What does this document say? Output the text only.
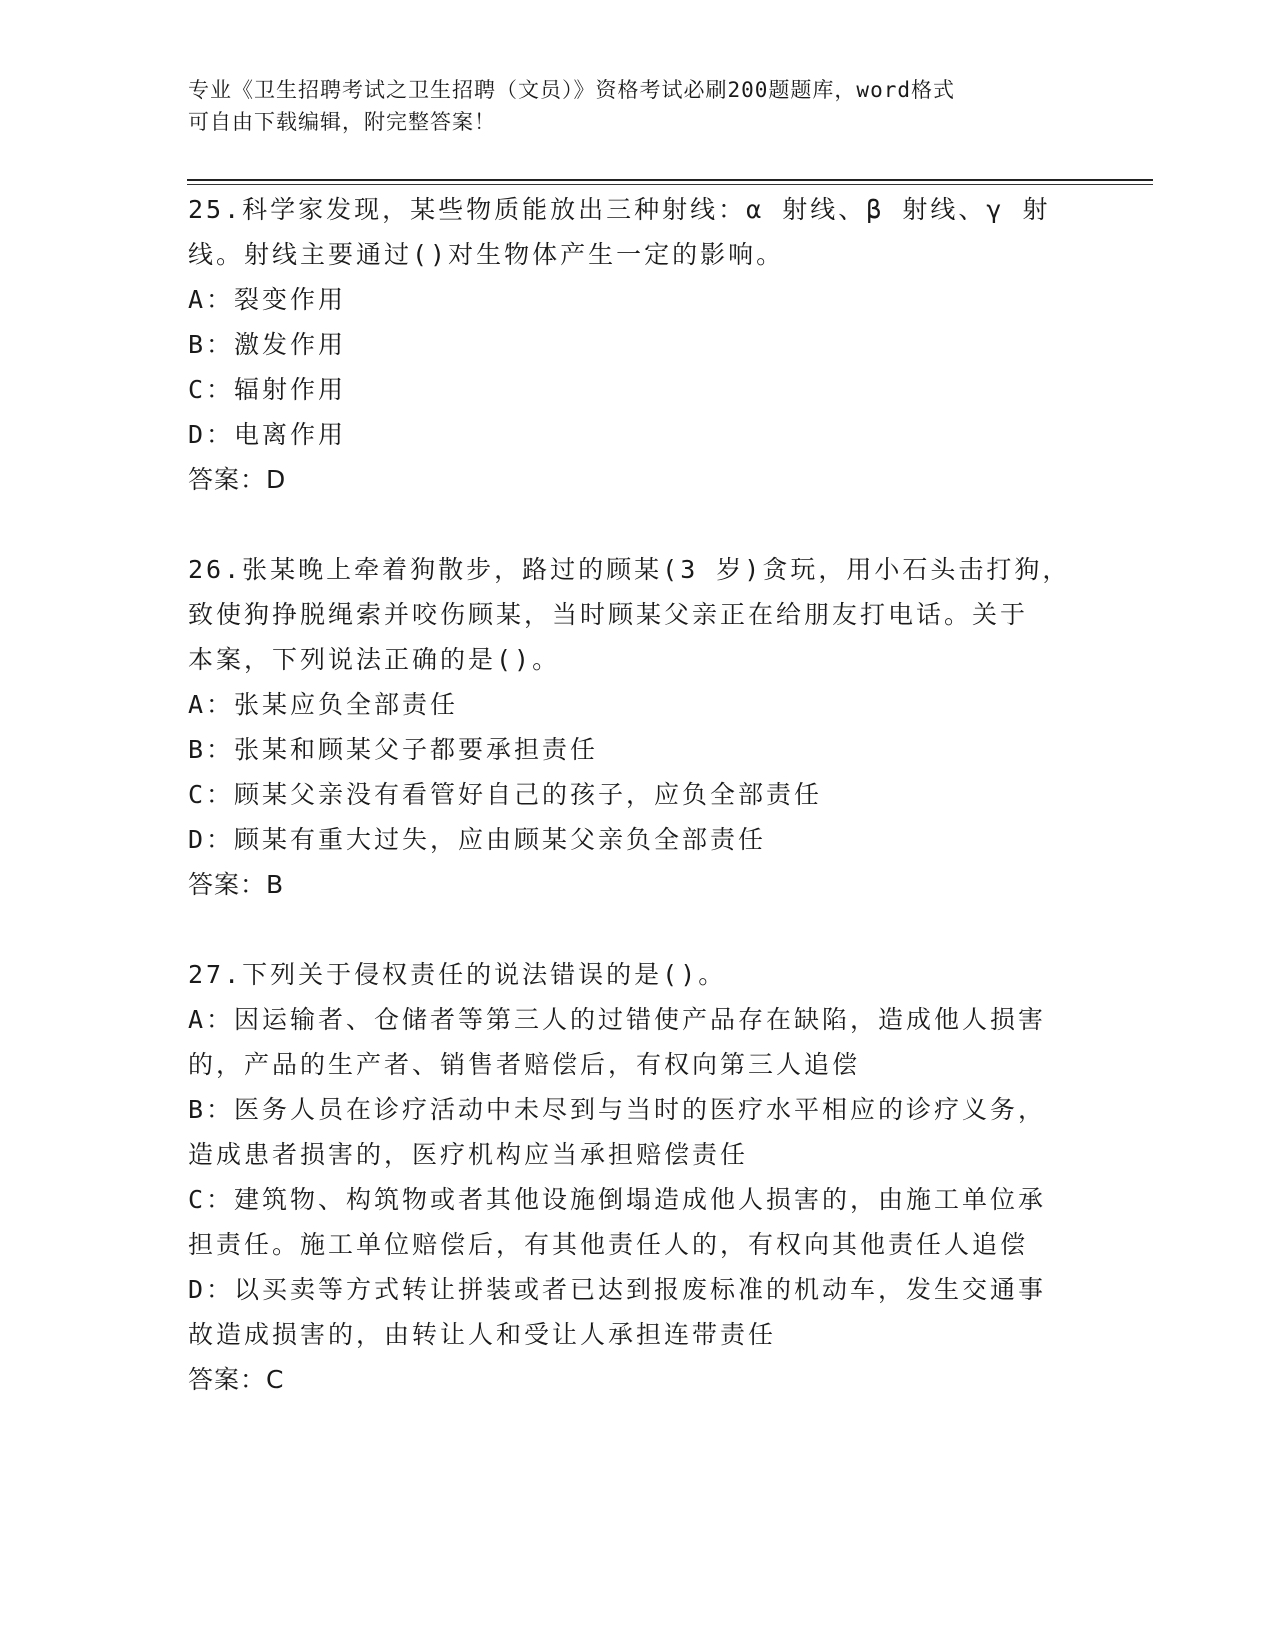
专业《卫生招聘考试之卫生招聘（文员）》资格考试必刷200题题库，word格式
可自由下载编辑，附完整答案！
25.科学家发现，某些物质能放出三种射线：α 射线、β 射线、γ 射
线。射线主要通过()对生物体产生一定的影响。
A：裂变作用
B：激发作用
C：辐射作用
D：电离作用
答案：D
26.张某晚上牵着狗散步，路过的顾某(3 岁)贪玩，用小石头击打狗，
致使狗挣脱绳索并咬伤顾某，当时顾某父亲正在给朋友打电话。关于
本案，下列说法正确的是()。
A：张某应负全部责任
B：张某和顾某父子都要承担责任
C：顾某父亲没有看管好自己的孩子，应负全部责任
D：顾某有重大过失，应由顾某父亲负全部责任
答案：B
27.下列关于侵权责任的说法错误的是()。
A：因运输者、仓储者等第三人的过错使产品存在缺陷，造成他人损害
的，产品的生产者、销售者赔偿后，有权向第三人追偿
B：医务人员在诊疗活动中未尽到与当时的医疗水平相应的诊疗义务，
造成患者损害的，医疗机构应当承担赔偿责任
C：建筑物、构筑物或者其他设施倒塌造成他人损害的，由施工单位承
担责任。施工单位赔偿后，有其他责任人的，有权向其他责任人追偿
D：以买卖等方式转让拼装或者已达到报废标准的机动车，发生交通事
故造成损害的，由转让人和受让人承担连带责任
答案：C
